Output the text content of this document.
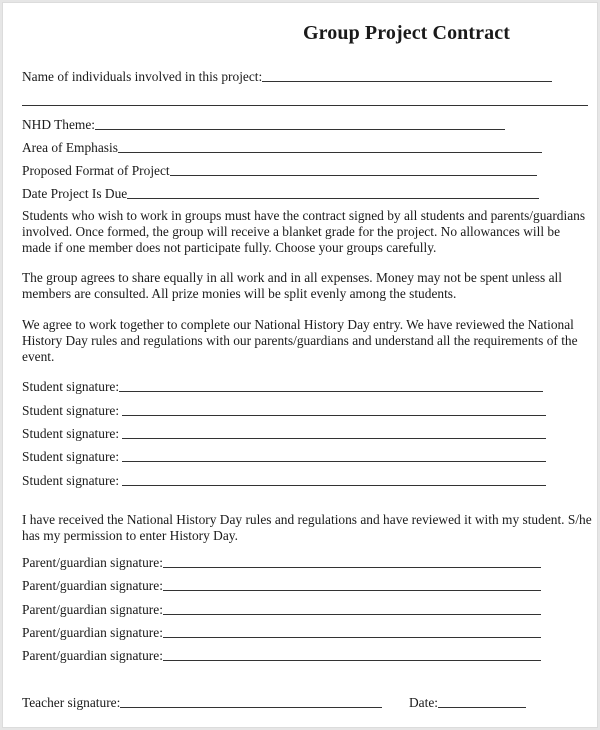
Group Project Contract
Name of individuals involved in this project:
NHD Theme:
Area of Emphasis
Proposed Format of Project
Date Project Is Due
Students who wish to work in groups must have the contract signed by all students and parents/guardians involved. Once formed, the group will receive a blanket grade for the project. No allowances will be made if one member does not participate fully. Choose your groups carefully.
The group agrees to share equally in all work and in all expenses. Money may not be spent unless all members are consulted. All prize monies will be split evenly among the students.
We agree to work together to complete our National History Day entry. We have reviewed the National History Day rules and regulations with our parents/guardians and understand all the requirements of the event.
Student signature:
Student signature:
Student signature:
Student signature:
Student signature:
I have received the National History Day rules and regulations and have reviewed it with my student. S/he has my permission to enter History Day.
Parent/guardian signature:
Parent/guardian signature:
Parent/guardian signature:
Parent/guardian signature:
Parent/guardian signature:
Teacher signature:	Date:
